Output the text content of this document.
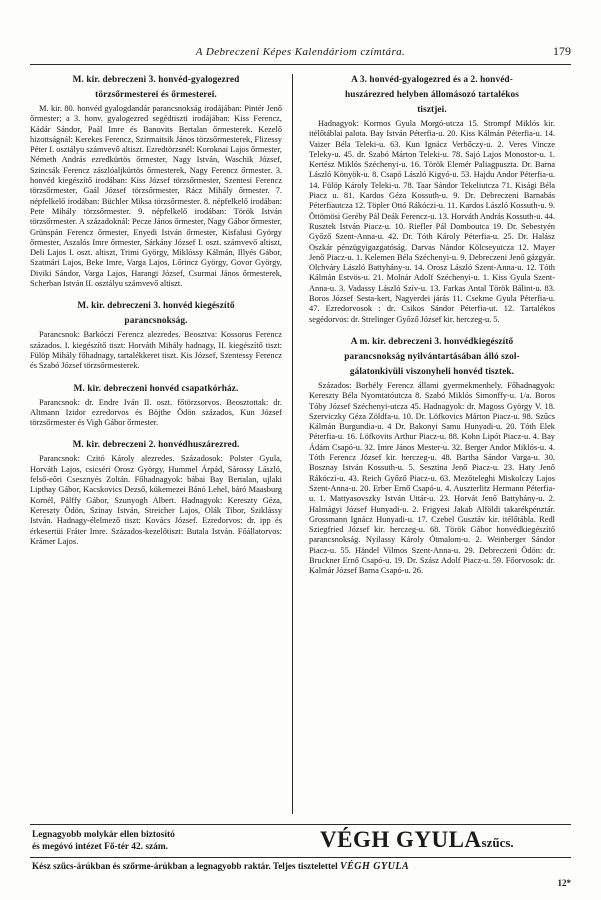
A Debreczeni Képes Kalendáriom czímtára.	179
M. kir. debreczeni 3. honvéd-gyalogezred
törzsőrmesterei és őrmesterei.

M. kir. 80. honvéd gyalogdandár parancsnokság irodájában: Pintér Jenő őrmester; a 3. honv. gyalogezred segédtiszti irodájában: Kiss Ferencz, Kádár Sándor, Paál Imre és Banovits Bertalan őrmesterek. Kezelő hizottságnál: Kerekes Ferencz, Szirmaitsik János törzsőrmesterek, Flizessy Péter I. osztályu számvevő altiszt. Ezredtörzsnél: Koroknai Lajos őrmester, Németh András ezredkürtös őrmester, Nagy István, Waschik József, Szincsák Ferencz zászlóaljkürtös őrmesterek, Nagy Ferencz őrmester. 3. honvéd kiegészítő irodában: Kiss József törzsőrmester, Szentesi Ferencz törzsőrmester, Gaál József törzsőrmester, Rácz Mihály őrmester. 7. népfelkelő irodában: Büchler Miksa törzsőrmester. 8. népfelkelő irodában: Pete Mihály törzsőrmester. 9. népfelkelő irodában: Török István törzsőrmester. A századoknál: Pecze János őrmester, Nagy Gábor őrmester, Grünspán Ferencz őrmester, Enyedi István őrmester, Kisfalusi György őrmester, Aszalós Imre őrmester, Sárkány József I. oszt. számvevő altiszt, Deli Lajos I. oszt. altiszt, Trimi György, Miklóssy Kálmán, Illyés Gábor, Szatmári Lajos, Beke Imre, Varga Lajos, Lőrincz György, Govor György, Diviki Sándor, Varga Lajos, Harangi József, Csurmai János őrmesterek, Scherban István II. osztályu számvevő altiszt.

M. kir. debreczeni 3. honvéd kiegészítő
parancsnokság.

Parancsnok: Barkóczi Ferencz alezredes. Beosztva: Kossorus Ferencz százados. I. kiegészítő tiszt: Horváth Mihály hadnagy, II. kiegészítő tiszt: Fülöp Mihály főhadnagy, tartalékkeret tiszt. Kis József, Szentessy Ferencz és Szabó József törzsőrmesterek.

M. kir. debreczeni honvéd csapatkórház.

Parancsnok: dr. Endre Iván II. oszt. főtörzsorvos. Beosztottak: dr. Altmann Izidor ezredorvos és Böjthe Ödön százados, Kun József törzsőrmester és Vigh Gábor őrmester.

M. kir. debreczeni 2. honvédhuszárezred.

Parancsnok: Czitó Károly alezredes. Századosok: Polster Gyula, Horváth Lajos, csicséri Orosz György, Hummel Árpád, Sárossy László, felső-eőri Csesznyés Zoltán. Főhadnagyok: bábai Bay Bertalan, ujlaki Lipthay Gábor, Kacskovics Dezső, kükemezei Bánó Lehel, báró Maasburg Kornél, Pálffy Gábor, Szunyogh Albert. Hadnagyok: Kereszty Géza, Kereszty Ödön, Szinay István, Streicher Lajos, Olák Tibor, Sziklássy István. Hadnagy-élelmező tiszt: Kovács József. Ezredorvos: dr. ipp és érkesertüi Fráter Imre. Százados-kezelőtiszt: Butala István. Főállatorvos: Krámer Lajos.

A 3. honvéd-gyalogezred és a 2. honvéd-
huszárezred helyben állomásozó tartalékos
tisztjei.

Hadnagyok: Kormos Gyula Morgó-utcza 15. Strompf Miklós kir. itélőtáblai palota. Bay István Péterfia-u. 20. Kiss Kálmán Péterfia-u. 14. Vaizer Béla Teleki-u. 63. Kun Ignácz Verbőczy-u. 2. Veres Vincze Teleky-u. 45. dr. Szabó Márton Teleki-u. 78. Sajó Lajos Monostor-u. 1. Kertész Miklós Széchenyi-u. 16. Török Elemér Paliagpuszta. Dr. Barna László Könyök-u. 8. Csapó László Kigyó-u. 53. Hajdu Andor Péterfia-u. 14. Fülöp Károly Teleki-u. 78. Taar Sándor Tekeliutcza 71. Kisági Béla Piacz u. 81. Kardos Géza Kossuth-u. 9. Dr. Debreczeni Barnabás Péterfiautcza 12. Töpler Ottó Rákóczi-u. 11. Kardos László Kossuth-u. 9. Öttömösi Geréby Pál Deák Ferencz-u. 13. Horváth András Kossuth-u. 44. Rusztek István Piacz-u. 10. Riefler Pál Domboutca 19. Dr. Sebestyén Győző Szent-Anna-u. 42. Dr. Tóth Károly Péterfia-u. 25. Dr. Halász Oszkár pénzügyigazgatóság. Darvas Nándor Kölcseyutcza 12. Mayer Jenő Piacz-u. 1. Kelemen Béla Széchenyi-u. 9. Debreczeni Jenő gázgyár. Olchváry László Battyhány-u. 14. Orosz László Szent-Anna-u. 12. Tóth Kálmán Estvös-u. 21. Molnár Adolf Széchenyi-u. 1. Kiss Gyula Szent-Anna-u. 3. Vadassy László Szív-u. 13. Farkas Antal Török Bálint-u. 83. Boros József Sesta-kert, Nagyerdei járás 11. Csekme Gyula Péterfia-u. 47. Ezredorvosok : dr. Csikos Sándor Péterfia-ut. 12. Tartalékos segédorvos: dr. Strelinger Győző József kir. herczeg-u. 5.

A m. kir. debreczeni 3. honvédkiegészítő
parancsnokság nyilvántartásában álló szol-
gálatonkivüli viszonyheli honvéd tisztek.

Százados: Borbély Ferencz állami gyermekmenhely. Főhadnagyok: Kereszty Béla Nyomtatóutcza 8. Szabó Miklós Simonffy-u. 1/a. Boros Tóby József Széchenyi-utcza 45. Hadnagyok: dr. Magoss György V. 18. Szerviczky Géza Zöldfa-u. 10. Dr. Löfkovics Márton Piacz-u. 98. Szűcs Kálmán Burgundia-u. 4 Dr. Bakonyi Samu Hunyadi-u. 20. Tóth Elek Péterfia-u. 16. Löfkovits Arthur Piacz-u. 88. Kohn Lipót Piacz-u. 4. Bay Ádám Csapó-u. 32. Imre János Mester-u. 32. Berger Andor Miklós-u. 4. Tóth Ferencz József kir. herczeg-u. 48. Bartha Sándor Varga-u. 30. Bosznay István Kossuth-u. 5. Sesztina Jenő Piacz-u. 23. Haty Jenő Rákóczi-u. 43. Reich Győző Piacz-u. 63. Mezőteleghi Miskolczy Lajos Szent-Anna-u. 20. Erber Ernő Csapó-u. 4. Auszterlitz Hermann Péterfia-u. 1. Mattyasovszky István Uttár-u. 23. Horvát Jenő Battyhány-u. 2. Halmágyi József Hunyadi-u. 2. Frigyesi Jakab Alföldi takarékpénztár. Grossmann Ignácz Hunyadi-u. 17. Czebel Gusztáv kir. itélőtábla. Redl Sziegfried József kir. herczeg-u. 68. Török Gábor honvédkiegészítő parancsnokság. Nyilassy Károly Ótmalom-u. 2. Weinberger Sándor Piacz-u. 55. Händel Vilmos Szent-Anna-u. 29. Debreczeni Ödön: dr. Bruckner Ernő Csapó-u. 19. Dr. Szász Adolf Piacz-u. 59. Főorvosok: dr. Kalmár József Barna Csapó-u. 26.

Legnagyobb molykár ellen biztosító
és megóvó intézet Fő-tér 42. szám.	VÉGH GYULAszűcs.
Kész szűcs-árúkban és szőrme-árúkban a legnagyobb raktár. Teljes tisztelettel VÉGH GYULA
12*
